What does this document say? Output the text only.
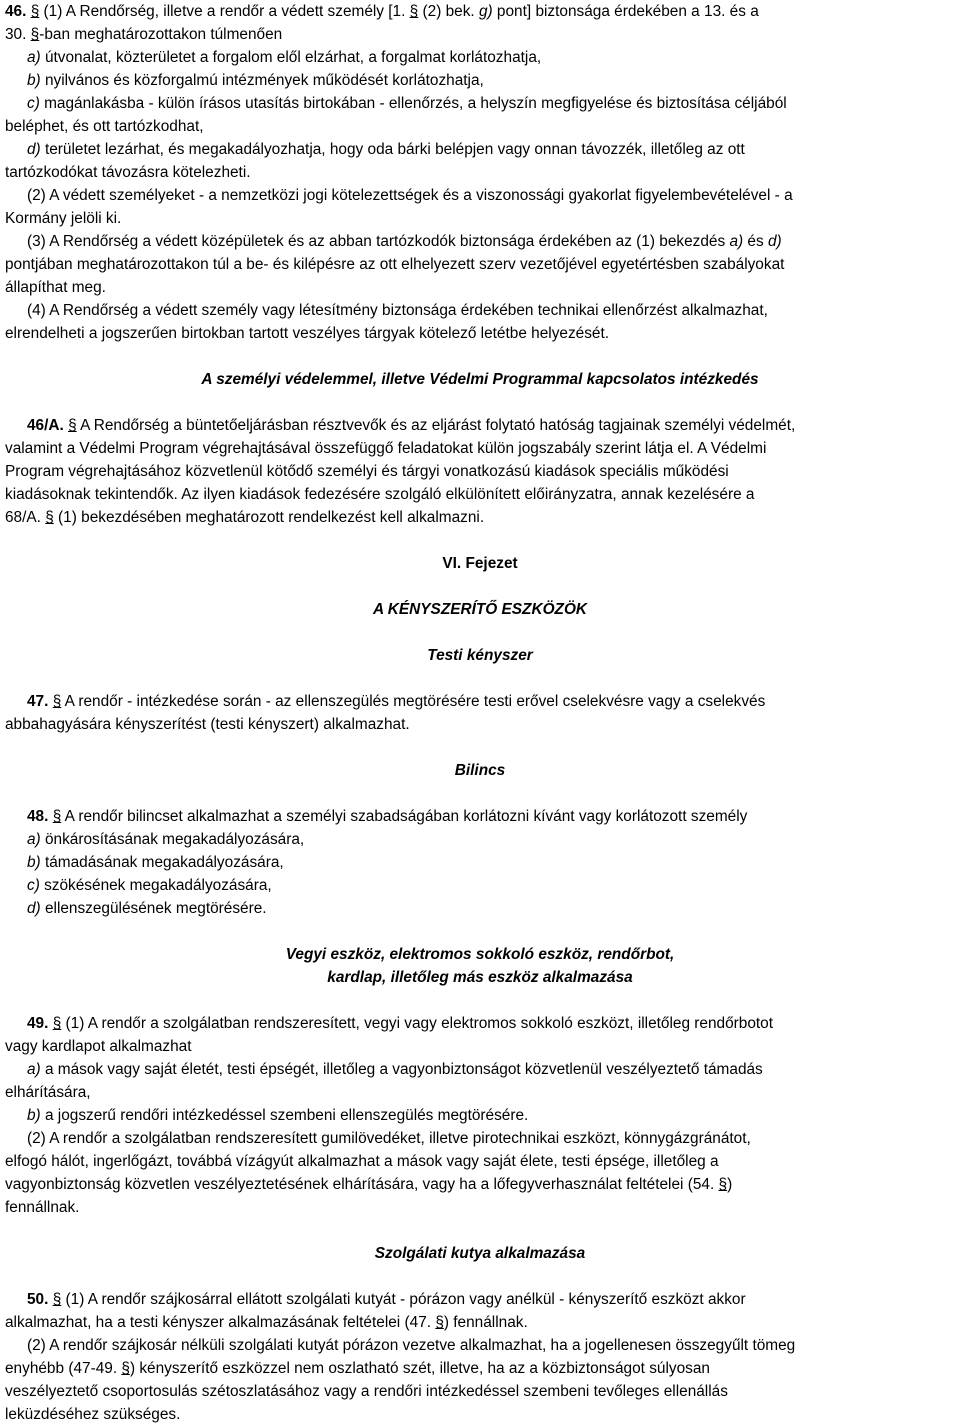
46. § (1) A Rendőrség, illetve a rendőr a védett személy [1. § (2) bek. g) pont] biztonsága érdekében a 13. és a
30. §-ban meghatározottakon túlmenően
a) útvonalat, közterületet a forgalom elől elzárhat, a forgalmat korlátozhatja,
b) nyilvános és közforgalmú intézmények működését korlátozhatja,
c) magánlakásba - külön írásos utasítás birtokában - ellenőrzés, a helyszín megfigyelése és biztosítása céljából
beléphet, és ott tartózkodhat,
d) területet lezárhat, és megakadályozhatja, hogy oda bárki belépjen vagy onnan távozzék, illetőleg az ott
tartózkodókat távozásra kötelezheti.
(2) A védett személyeket - a nemzetközi jogi kötelezettségek és a viszonossági gyakorlat figyelembevételével - a
Kormány jelöli ki.
(3) A Rendőrség a védett középületek és az abban tartózkodók biztonsága érdekében az (1) bekezdés a) és d)
pontjában meghatározottakon túl a be- és kilépésre az ott elhelyezett szerv vezetőjével egyetértésben szabályokat
állapíthat meg.
(4) A Rendőrség a védett személy vagy létesítmény biztonsága érdekében technikai ellenőrzést alkalmazhat,
elrendelheti a jogszerűen birtokban tartott veszélyes tárgyak kötelező letétbe helyezését.
A személyi védelemmel, illetve Védelmi Programmal kapcsolatos intézkedés
46/A. § A Rendőrség a büntetőeljárásban résztvevők és az eljárást folytató hatóság tagjainak személyi védelmét,
valamint a Védelmi Program végrehajtásával összefüggő feladatokat külön jogszabály szerint látja el. A Védelmi
Program végrehajtásához közvetlenül kötődő személyi és tárgyi vonatkozású kiadások speciális működési
kiadásoknak tekintendők. Az ilyen kiadások fedezésére szolgáló elkülönített előirányzatra, annak kezelésére a
68/A. § (1) bekezdésében meghatározott rendelkezést kell alkalmazni.
VI. Fejezet
A KÉNYSZERÍTŐ ESZKÖZÖK
Testi kényszer
47. § A rendőr - intézkedése során - az ellenszegülés megtörésére testi erővel cselekvésre vagy a cselekvés
abbahagyására kényszerítést (testi kényszert) alkalmazhat.
Bilincs
48. § A rendőr bilincset alkalmazhat a személyi szabadságában korlátozni kívánt vagy korlátozott személy
a) önkárosításának megakadályozására,
b) támadásának megakadályozására,
c) szökésének megakadályozására,
d) ellenszegülésének megtörésére.
Vegyi eszköz, elektromos sokkoló eszköz, rendőrbot,
kardlap, illetőleg más eszköz alkalmazása
49. § (1) A rendőr a szolgálatban rendszeresített, vegyi vagy elektromos sokkoló eszközt, illetőleg rendőrbotot
vagy kardlapot alkalmazhat
a) a mások vagy saját életét, testi épségét, illetőleg a vagyonbiztonságot közvetlenül veszélyeztető támadás
elhárítására,
b) a jogszerű rendőri intézkedéssel szembeni ellenszegülés megtörésére.
(2) A rendőr a szolgálatban rendszeresített gumilövedéket, illetve pirotechnikai eszközt, könnygázgránátot,
elfogó hálót, ingerlőgázt, továbbá vízágyút alkalmazhat a mások vagy saját élete, testi épsége, illetőleg a
vagyonbiztonság közvetlen veszélyeztetésének elhárítására, vagy ha a lőfegyverhasználat feltételei (54. §)
fennállnak.
Szolgálati kutya alkalmazása
50. § (1) A rendőr szájkosárral ellátott szolgálati kutyát - pórázon vagy anélkül - kényszerítő eszközt akkor
alkalmazhat, ha a testi kényszer alkalmazásának feltételei (47. §) fennállnak.
(2) A rendőr szájkosár nélküli szolgálati kutyát pórázon vezetve alkalmazhat, ha a jogellenesen összegyűlt tömeg
enyhébb (47-49. §) kényszerítő eszközzel nem oszlatható szét, illetve, ha az a közbiztonságot súlyosan
veszélyeztető csoportosulás szétoszlatásához vagy a rendőri intézkedéssel szembeni tevőleges ellenállás
leküzdéséhez szükséges.
